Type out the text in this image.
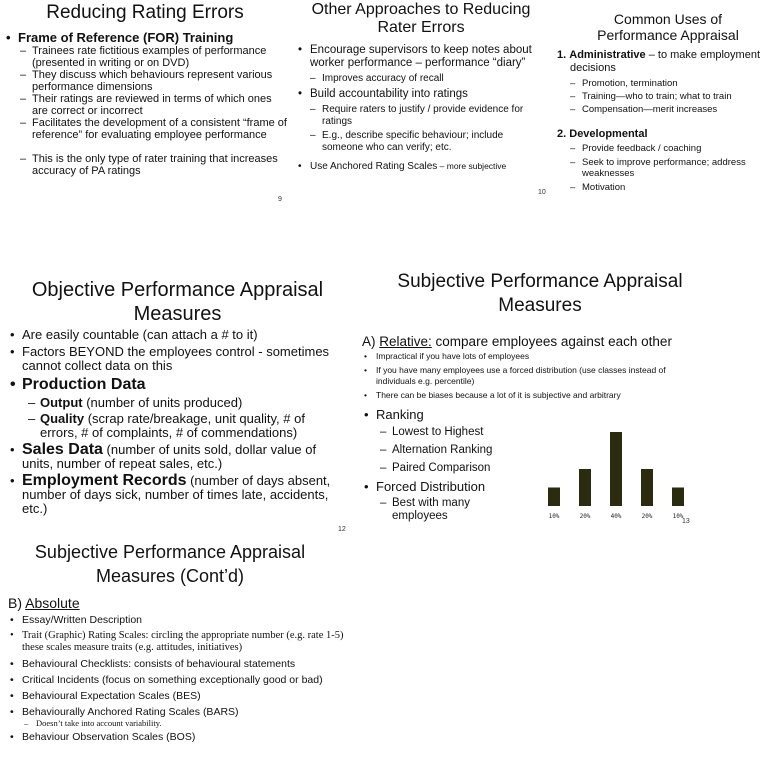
Reducing Rating Errors
• Frame of Reference (FOR) Training
– Trainees rate fictitious examples of performance (presented in writing or on DVD)
– They discuss which behaviours represent various performance dimensions
– Their ratings are reviewed in terms of which ones are correct or incorrect
– Facilitates the development of a consistent “frame of reference” for evaluating employee performance
– This is the only type of rater training that increases accuracy of PA ratings
9
Other Approaches to Reducing
Rater Errors
• Encourage supervisors to keep notes about worker performance – performance “diary”
– Improves accuracy of recall
• Build accountability into ratings
– Require raters to justify / provide evidence for ratings
– E.g., describe specific behaviour; include someone who can verify; etc.
• Use Anchored Rating Scales – more subjective
10
Common Uses of
Performance Appraisal
1. Administrative – to make employment decisions
– Promotion, termination
– Training—who to train; what to train
– Compensation—merit increases
2. Developmental
– Provide feedback / coaching
– Seek to improve performance; address weaknesses
– Motivation
Objective Performance Appraisal
Measures
• Are easily countable (can attach a # to it)
• Factors BEYOND the employees control - sometimes cannot collect data on this
• Production Data
– Output (number of units produced)
– Quality (scrap rate/breakage, unit quality, # of errors, # of complaints, # of commendations)
• Sales Data (number of units sold, dollar value of units, number of repeat sales, etc.)
• Employment Records (number of days absent, number of days sick, number of times late, accidents, etc.)
12
Subjective Performance Appraisal
Measures
A) Relative: compare employees against each other
• Impractical if you have lots of employees
• If you have many employees use a forced distribution (use classes instead of individuals e.g. percentile)
• There can be biases because a lot of it is subjective and arbitrary
• Ranking
– Lowest to Highest
– Alternation Ranking
– Paired Comparison
• Forced Distribution
– Best with many employees	13
10%	20%	40%	20%	10%
Subjective Performance Appraisal
Measures (Cont’d)
B) Absolute
• Essay/Written Description
• Trait (Graphic) Rating Scales: circling the appropriate number (e.g. rate 1-5) these scales measure traits (e.g. attitudes, initiatives)
• Behavioural Checklists: consists of behavioural statements
• Critical Incidents (focus on something exceptionally good or bad)
• Behavioural Expectation Scales (BES)
• Behaviourally Anchored Rating Scales (BARS)
– Doesn’t take into account variability.
• Behaviour Observation Scales (BOS)
